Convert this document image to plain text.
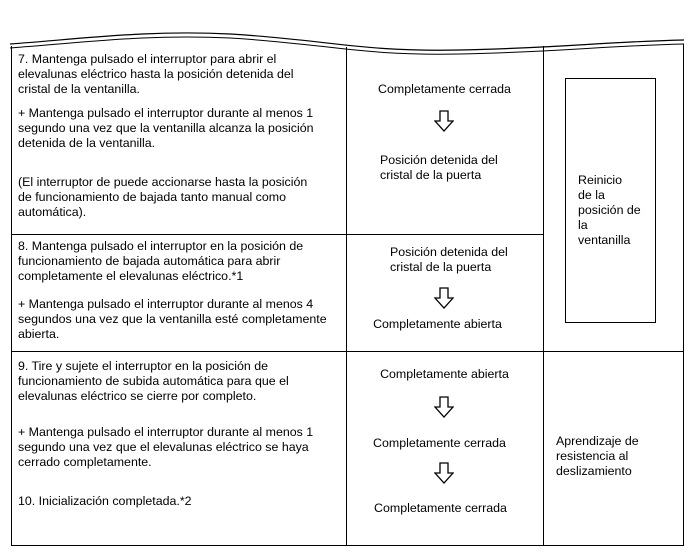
7. Mantenga pulsado el interruptor para abrir el
elevalunas eléctrico hasta la posición detenida del
cristal de la ventanilla.
+ Mantenga pulsado el interruptor durante al menos 1
segundo una vez que la ventanilla alcanza la posición
detenida de la ventanilla.
(El interruptor de puede accionarse hasta la posición
de funcionamiento de bajada tanto manual como
automática).
Completamente cerrada
Posición detenida del
cristal de la puerta
8. Mantenga pulsado el interruptor en la posición de
funcionamiento de bajada automática para abrir
completamente el elevalunas eléctrico.*1
+ Mantenga pulsado el interruptor durante al menos 4
segundos una vez que la ventanilla esté completamente
abierta.
Posición detenida del
cristal de la puerta
Completamente abierta
Reinicio
de la
posición de
la
ventanilla
9. Tire y sujete el interruptor en la posición de
funcionamiento de subida automática para que el
elevalunas eléctrico se cierre por completo.
+ Mantenga pulsado el interruptor durante al menos 1
segundo una vez que el elevalunas eléctrico se haya
cerrado completamente.
10. Inicialización completada.*2
Completamente abierta
Completamente cerrada
Completamente cerrada
Aprendizaje de
resistencia al
deslizamiento
